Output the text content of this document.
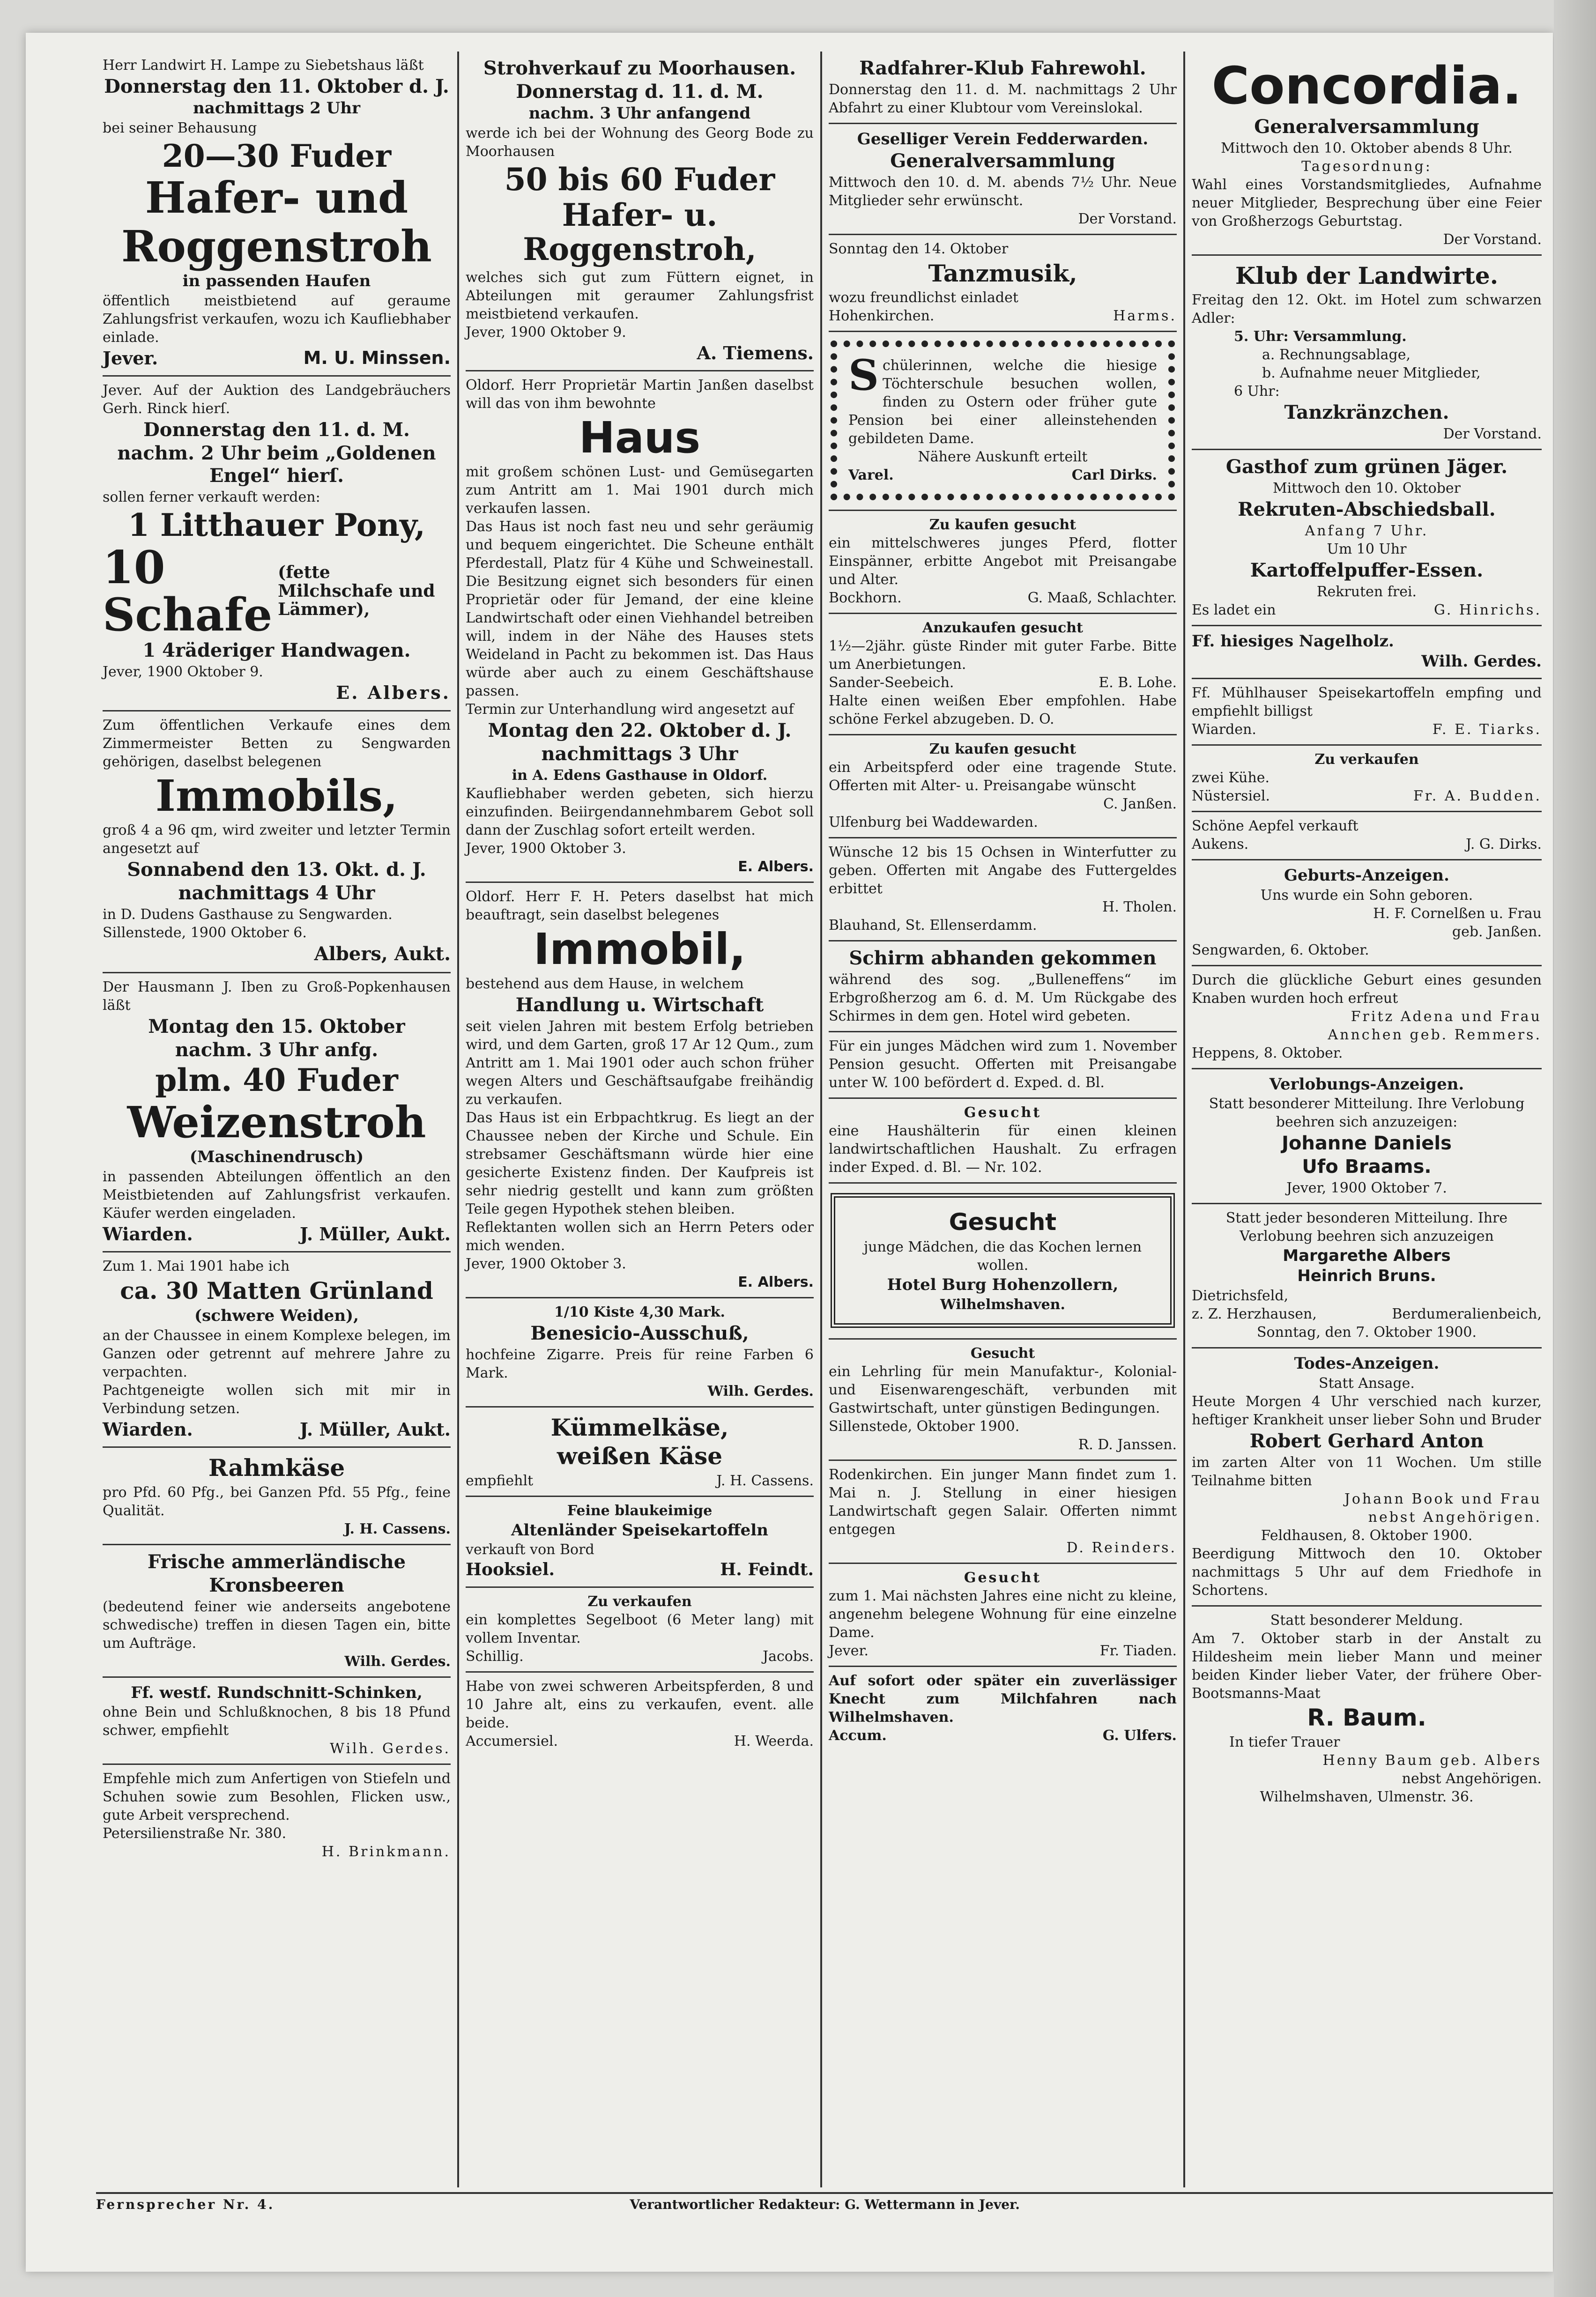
Herr Landwirt H. Lampe zu Siebetshaus läßt

Donnerstag den 11. Oktober d. J.

nachmittags 2 Uhr

bei seiner Behausung

20—30 Fuder

Hafer- und

Roggenstroh

in passenden Haufen

öffentlich meistbietend auf geraume Zahlungsfrist verkaufen, wozu ich Kaufliebhaber einlade.

Jever.	M. U. Minssen.

Jever. Auf der Auktion des Landgebräuchers Gerh. Rinck hierſ.

Donnerstag den 11. d. M.

nachm. 2 Uhr beim „Goldenen Engel“ hierſ.

sollen ferner verkauft werden:

1 Litthauer Pony,

10 Schafe
(fette Milchschafe und Lämmer),

1 4räderiger Handwagen.

Jever, 1900 Oktober 9.

E. Albers.

Zum öffentlichen Verkaufe eines dem Zimmermeister Betten zu Sengwarden gehörigen, daselbst belegenen

Immobils,

groß 4 a 96 qm, wird zweiter und letzter Termin angesetzt auf

Sonnabend den 13. Okt. d. J.

nachmittags 4 Uhr

in D. Dudens Gasthause zu Sengwarden.

Sillenstede, 1900 Oktober 6.

Albers, Aukt.

Der Hausmann J. Iben zu Groß-Popkenhausen läßt

Montag den 15. Oktober

nachm. 3 Uhr anfg.

plm. 40 Fuder

Weizenstroh

(Maschinendrusch)

in passenden Abteilungen öffentlich an den Meistbietenden auf Zahlungsfrist verkaufen. Käufer werden eingeladen.

Wiarden.	J. Müller, Aukt.

Zum 1. Mai 1901 habe ich

ca. 30 Matten Grünland

(schwere Weiden),

an der Chaussee in einem Komplexe belegen, im Ganzen oder getrennt auf mehrere Jahre zu verpachten.

Pachtgeneigte wollen sich mit mir in Verbindung setzen.

Wiarden.	J. Müller, Aukt.

Rahmkäse

pro Pfd. 60 Pfg., bei Ganzen Pfd. 55 Pfg., feine Qualität.

J. H. Cassens.

Frische ammerländische

Kronsbeeren

(bedeutend feiner wie anderseits angebotene schwedische) treffen in diesen Tagen ein, bitte um Aufträge.

Wilh. Gerdes.

Ff. westf. Rundschnitt-Schinken,

ohne Bein und Schlußknochen, 8 bis 18 Pfund schwer, empfiehlt

Wilh. Gerdes.

Empfehle mich zum Anfertigen von Stiefeln und Schuhen sowie zum Besohlen, Flicken usw., gute Arbeit versprechend.

Petersilienstraße Nr. 380.

H. Brinkmann.

Strohverkauf zu Moorhausen.

Donnerstag d. 11. d. M.

nachm. 3 Uhr anfangend

werde ich bei der Wohnung des Georg Bode zu Moorhausen

50 bis 60 Fuder

Hafer- u. Roggenstroh,

welches sich gut zum Füttern eignet, in Abteilungen mit geraumer Zahlungsfrist meistbietend verkaufen.

Jever, 1900 Oktober 9.

A. Tiemens.

Oldorf. Herr Proprietär Martin Janßen daselbst will das von ihm bewohnte

Haus

mit großem schönen Lust- und Gemüsegarten zum Antritt am 1. Mai 1901 durch mich verkaufen lassen.

Das Haus ist noch fast neu und sehr geräumig und bequem eingerichtet. Die Scheune enthält Pferdestall, Platz für 4 Kühe und Schweinestall. Die Besitzung eignet sich besonders für einen Proprietär oder für Jemand, der eine kleine Landwirtschaft oder einen Viehhandel betreiben will, indem in der Nähe des Hauses stets Weideland in Pacht zu bekommen ist. Das Haus würde aber auch zu einem Geschäftshause passen.

Termin zur Unterhandlung wird angesetzt auf

Montag den 22. Oktober d. J.

nachmittags 3 Uhr

in A. Edens Gasthause in Oldorf.

Kaufliebhaber werden gebeten, sich hierzu einzufinden. Beiirgendannehmbarem Gebot soll dann der Zuschlag sofort erteilt werden.

Jever, 1900 Oktober 3.

E. Albers.

Oldorf. Herr F. H. Peters daselbst hat mich beauftragt, sein daselbst belegenes

Immobil,

bestehend aus dem Hause, in welchem

Handlung u. Wirtschaft

seit vielen Jahren mit bestem Erfolg betrieben wird, und dem Garten, groß 17 Ar 12 Qum., zum Antritt am 1. Mai 1901 oder auch schon früher wegen Alters und Geschäftsaufgabe freihändig zu verkaufen.

Das Haus ist ein Erbpachtkrug. Es liegt an der Chaussee neben der Kirche und Schule. Ein strebsamer Geschäftsmann würde hier eine gesicherte Existenz finden. Der Kaufpreis ist sehr niedrig gestellt und kann zum größten Teile gegen Hypothek stehen bleiben.

Reflektanten wollen sich an Herrn Peters oder mich wenden.

Jever, 1900 Oktober 3.

E. Albers.

1/10 Kiste 4,30 Mark.

Benesicio-Ausschuß,

hochfeine Zigarre. Preis für reine Farben 6 Mark.

Wilh. Gerdes.

Kümmelkäse,

weißen Käse

empfiehlt	J. H. Cassens.

Feine blaukeimige

Altenländer Speisekartoffeln

verkauft von Bord

Hooksiel.	H. Feindt.

Zu verkaufen

ein komplettes Segelboot (6 Meter lang) mit vollem Inventar.

Schillig.	Jacobs.

Habe von zwei schweren Arbeitspferden, 8 und 10 Jahre alt, eins zu verkaufen, event. alle beide.

Accumersiel.	H. Weerda.

Radfahrer-Klub Fahrewohl.

Donnerstag den 11. d. M. nachmittags 2 Uhr Abfahrt zu einer Klubtour vom Vereinslokal.

Geselliger Verein Fedderwarden.

Generalversammlung

Mittwoch den 10. d. M. abends 7½ Uhr. Neue Mitglieder sehr erwünscht.

Der Vorstand.

Sonntag den 14. Oktober

Tanzmusik,

wozu freundlichst einladet

Hohenkirchen.	Harms.
S chülerinnen, welche die hiesige Töchterschule besuchen wollen, finden zu Ostern oder früher gute Pension bei einer alleinstehenden gebildeten Dame.

Nähere Auskunft erteilt

Varel.	Carl Dirks.

Zu kaufen gesucht

ein mittelschweres junges Pferd, flotter Einspänner, erbitte Angebot mit Preisangabe und Alter.

Bockhorn.	G. Maaß, Schlachter.

Anzukaufen gesucht

1½—2jähr. güste Rinder mit guter Farbe. Bitte um Anerbietungen.

Sander-Seebeich.	E. B. Lohe.

Halte einen weißen Eber empfohlen. Habe schöne Ferkel abzugeben. D. O.

Zu kaufen gesucht

ein Arbeitspferd oder eine tragende Stute. Offerten mit Alter- u. Preisangabe wünscht

C. Janßen.

Ulfenburg bei Waddewarden.

Wünsche 12 bis 15 Ochsen in Winterfutter zu geben. Offerten mit Angabe des Futtergeldes erbittet

H. Tholen.

Blauhand, St. Ellenserdamm.

Schirm abhanden gekommen

während des sog. „Bulleneffens“ im Erbgroßherzog am 6. d. M. Um Rückgabe des Schirmes in dem gen. Hotel wird gebeten.

Für ein junges Mädchen wird zum 1. November Pension gesucht. Offerten mit Preisangabe unter W. 100 befördert d. Exped. d. Bl.

Gesucht

eine Haushälterin für einen kleinen landwirtschaftlichen Haushalt. Zu erfragen inder Exped. d. Bl. — Nr. 102.

Gesucht

junge Mädchen, die das Kochen lernen wollen.

Hotel Burg Hohenzollern,

Wilhelmshaven.

Gesucht

ein Lehrling für mein Manufaktur-, Kolonial- und Eisenwarengeschäft, verbunden mit Gastwirtschaft, unter günstigen Bedingungen.

Sillenstede, Oktober 1900.

R. D. Janssen.

Rodenkirchen. Ein junger Mann findet zum 1. Mai n. J. Stellung in einer hiesigen Landwirtschaft gegen Salair. Offerten nimmt entgegen

D. Reinders.

Gesucht

zum 1. Mai nächsten Jahres eine nicht zu kleine, angenehm belegene Wohnung für eine einzelne Dame.

Jever.	Fr. Tiaden.

Auf sofort oder später ein zuverlässiger Knecht zum Milchfahren nach Wilhelmshaven.

Accum.	G. Ulfers.

Concordia.

Generalversammlung

Mittwoch den 10. Oktober abends 8 Uhr.

Tagesordnung:

Wahl eines Vorstandsmitgliedes, Aufnahme neuer Mitglieder, Besprechung über eine Feier von Großherzogs Geburtstag.

Der Vorstand.

Klub der Landwirte.

Freitag den 12. Okt. im Hotel zum schwarzen Adler:

5. Uhr: Versammlung.

a. Rechnungsablage,

b. Aufnahme neuer Mitglieder,

6 Uhr:

Tanzkränzchen.

Der Vorstand.

Gasthof zum grünen Jäger.

Mittwoch den 10. Oktober

Rekruten-Abschiedsball.

Anfang 7 Uhr.

Um 10 Uhr

Kartoffelpuffer-Essen.

Rekruten frei.

Es ladet ein	G. Hinrichs.

Ff. hiesiges Nagelholz.

Wilh. Gerdes.

Ff. Mühlhauser Speisekartoffeln empfing und empfiehlt billigst

Wiarden.	F. E. Tiarks.

Zu verkaufen

zwei Kühe.

Nüstersiel.	Fr. A. Budden.

Schöne Aepfel verkauft

Aukens.	J. G. Dirks.

Geburts-Anzeigen.

Uns wurde ein Sohn geboren.

H. F. Cornelßen u. Frau

geb. Janßen.

Sengwarden, 6. Oktober.

Durch die glückliche Geburt eines gesunden Knaben wurden hoch erfreut

Fritz Adena und Frau

Annchen geb. Remmers.

Heppens, 8. Oktober.

Verlobungs-Anzeigen.

Statt besonderer Mitteilung. Ihre Verlobung beehren sich anzuzeigen:

Johanne Daniels

Ufo Braams.

Jever, 1900 Oktober 7.

Statt jeder besonderen Mitteilung. Ihre Verlobung beehren sich anzuzeigen

Margarethe Albers

Heinrich Bruns.

Dietrichsfeld,

z. Z. Herzhausen,	Berdumeralienbeich,

Sonntag, den 7. Oktober 1900.

Todes-Anzeigen.

Statt Ansage.

Heute Morgen 4 Uhr verschied nach kurzer, heftiger Krankheit unser lieber Sohn und Bruder

Robert Gerhard Anton

im zarten Alter von 11 Wochen. Um stille Teilnahme bitten

Johann Book und Frau

nebst Angehörigen.

Feldhausen, 8. Oktober 1900.

Beerdigung Mittwoch den 10. Oktober nachmittags 5 Uhr auf dem Friedhofe in Schortens.

Statt besonderer Meldung.

Am 7. Oktober starb in der Anstalt zu Hildesheim mein lieber Mann und meiner beiden Kinder lieber Vater, der frühere Ober-Bootsmanns-Maat

R. Baum.

In tiefer Trauer

Henny Baum geb. Albers

nebst Angehörigen.

Wilhelmshaven, Ulmenstr. 36.

Fernsprecher Nr. 4.	Verantwortlicher Redakteur: G. Wettermann in Jever.
